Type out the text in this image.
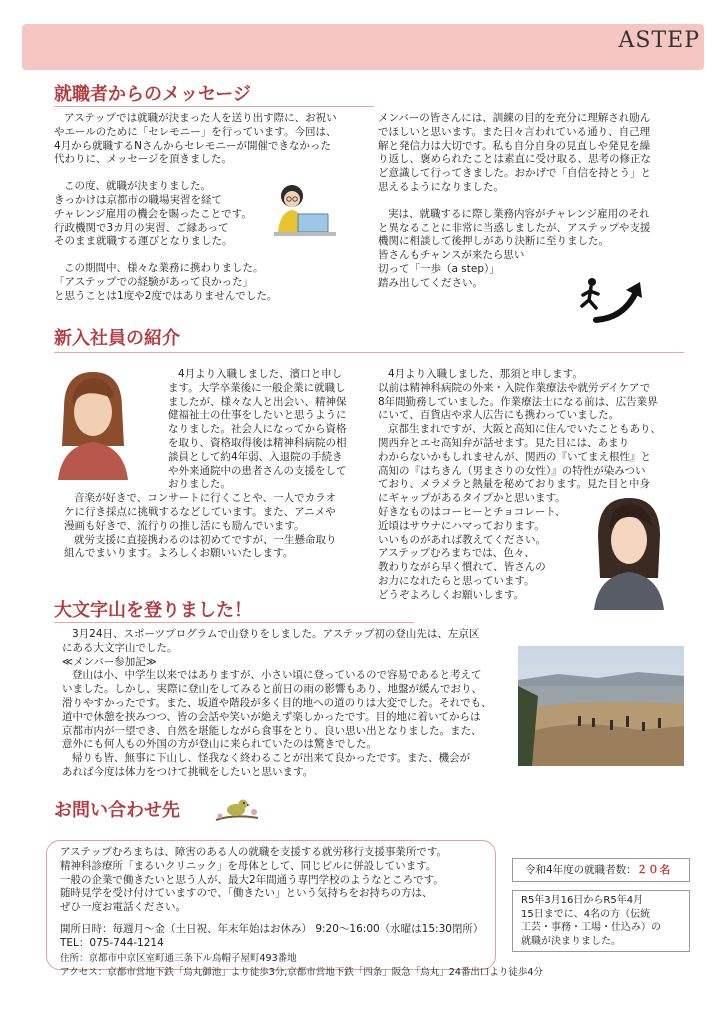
ASTEP
就職者からのメッセージ

アステップでは就職が決まった人を送り出す際に、お祝い

やエールのために「セレモニー」を行っています。今回は、

4月から就職するNさんからセレモニーが開催できなかった

代わりに、メッセージを頂きました。

この度、就職が決まりました。

きっかけは京都市の職場実習を経て

チャレンジ雇用の機会を賜ったことです。

行政機関で3カ月の実習、ご縁あって

そのまま就職する運びとなりました。

この期間中、様々な業務に携わりました。

「アステップでの経験があって良かった」

と思うことは1度や2度ではありませんでした。

メンバーの皆さんには、訓練の目的を充分に理解され励ん

でほしいと思います。また日々言われている通り、自己理

解と発信力は大切です。私も自分自身の見直しや発見を繰

り返し、褒められたことは素直に受け取る、思考の修正な

ど意識して行ってきました。おかげで「自信を持とう」と

思えるようになりました。

実は、就職するに際し業務内容がチャレンジ雇用のそれ

と異なることに非常に当惑しましたが、アステップや支援

機関に相談して後押しがあり決断に至りました。

皆さんもチャンスが来たら思い

切って「一歩（a step）」

踏み出してください。

新入社員の紹介

4月より入職しました、濱口と申し

ます。大学卒業後に一般企業に就職し

ましたが、様々な人と出会い、精神保

健福祉士の仕事をしたいと思うように

なりました。社会人になってから資格

を取り、資格取得後は精神科病院の相

談員として約4年弱、入退院の手続き

や外来通院中の患者さんの支援をして

おりました。

音楽が好きで、コンサートに行くことや、一人でカラオ

ケに行き採点に挑戦するなどしています。また、アニメや

漫画も好きで、流行りの推し活にも励んでいます。

就労支援に直接携わるのは初めてですが、一生懸命取り

組んでまいります。よろしくお願いいたします。

4月より入職しました、那須と申します。

以前は精神科病院の外来・入院作業療法や就労デイケアで

8年間勤務していました。作業療法士になる前は、広告業界

にいて、百貨店や求人広告にも携わっていました。

京都生まれですが、大阪と高知に住んでいたこともあり、

関西弁とエセ高知弁が話せます。見た目には、あまり

わからないかもしれませんが、関西の『いてまえ根性』と

高知の『はちきん（男まさりの女性）』の特性が染みつい

ており、メラメラと熱量を秘めております。見た目と中身

にギャップがあるタイプかと思います。

好きなものはコーヒーとチョコレート、

近頃はサウナにハマっております。

いいものがあれば教えてください。

アステップむろまちでは、色々、

教わりながら早く慣れて、皆さんの

お力になれたらと思っています。

どうぞよろしくお願いします。

大文字山を登りました！

3月24日、スポーツプログラムで山登りをしました。アステップ初の登山先は、左京区

にある大文字山でした。

≪メンバー参加記≫

登山は小、中学生以来ではありますが、小さい頃に登っているので容易であると考えて

いました。しかし、実際に登山をしてみると前日の雨の影響もあり、地盤が緩んでおり、

滑りやすかったです。また、坂道や階段が多く目的地への道のりは大変でした。それでも、

道中で休憩を挟みつつ、皆の会話や笑いが絶えず楽しかったです。目的地に着いてからは

京都市内が一望でき、自然を堪能しながら食事をとり、良い思い出となりました。また、

意外にも何人もの外国の方が登山に来られていたのは驚きでした。

帰りも皆、無事に下山し、怪我なく終わることが出来て良かったです。また、機会が

あれば今度は体力をつけて挑戦をしたいと思います。

お問い合わせ先

アステップむろまちは、障害のある人の就職を支援する就労移行支援事業所です。

精神科診療所「まるいクリニック」を母体として、同じビルに併設しています。

一般の企業で働きたいと思う人が、最大2年間通う専門学校のようなところです。

随時見学を受け付けていますので、「働きたい」という気持ちをお持ちの方は、

ぜひ一度お電話ください。

開所日時：毎週月～金（土日祝、年末年始はお休み） 9:20～16:00（水曜は15:30閉所）
TEL：075-744-1214
令和4年度の就職者数：２０名

R5年3月16日からR5年4月

15日までに、4名の方（伝統

工芸・事務・工場・仕込み）の

就職が決まりました。

住所：京都市中京区室町通三条下ル烏帽子屋町493番地
アクセス：京都市営地下鉄「烏丸御池」より徒歩3分,京都市営地下鉄「四条」阪急「烏丸」24番出口より徒歩4分
